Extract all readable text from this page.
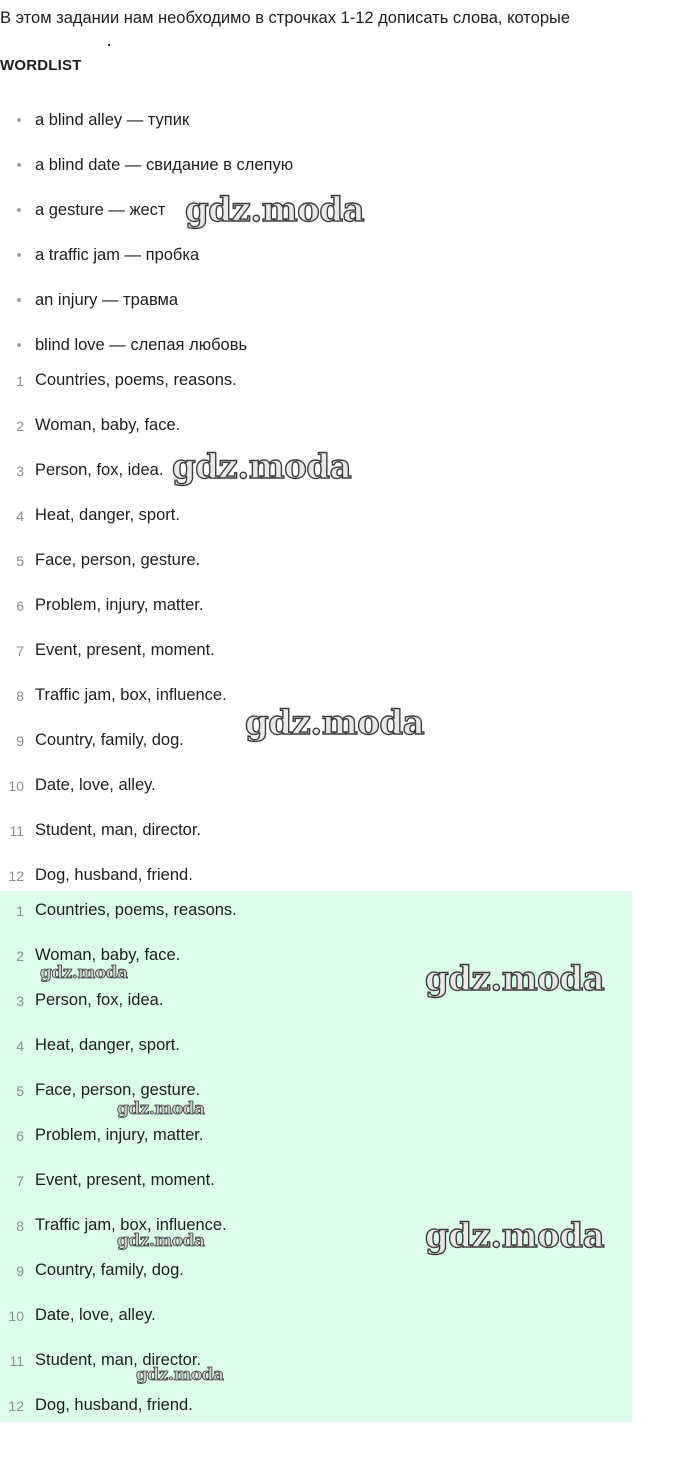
В этом задании нам необходимо в строчках 1-12 дописать слова, которые
WORDLIST
a blind alley — тупик
a blind date — свидание в слепую
a gesture — жест
a traffic jam — пробка
an injury — травма
blind love — слепая любовь
1 Countries, poems, reasons.
2 Woman, baby, face.
3 Person, fox, idea.
4 Heat, danger, sport.
5 Face, person, gesture.
6 Problem, injury, matter.
7 Event, present, moment.
8 Traffic jam, box, influence.
9 Country, family, dog.
10 Date, love, alley.
11 Student, man, director.
12 Dog, husband, friend.
1 Countries, poems, reasons.
2 Woman, baby, face.
3 Person, fox, idea.
4 Heat, danger, sport.
5 Face, person, gesture.
6 Problem, injury, matter.
7 Event, present, moment.
8 Traffic jam, box, influence.
9 Country, family, dog.
10 Date, love, alley.
11 Student, man, director.
12 Dog, husband, friend.
gdz.moda
gdz.moda
gdz.moda
gdz.moda
gdz.moda
gdz.moda
gdz.moda
gdz.moda
gdz.moda
